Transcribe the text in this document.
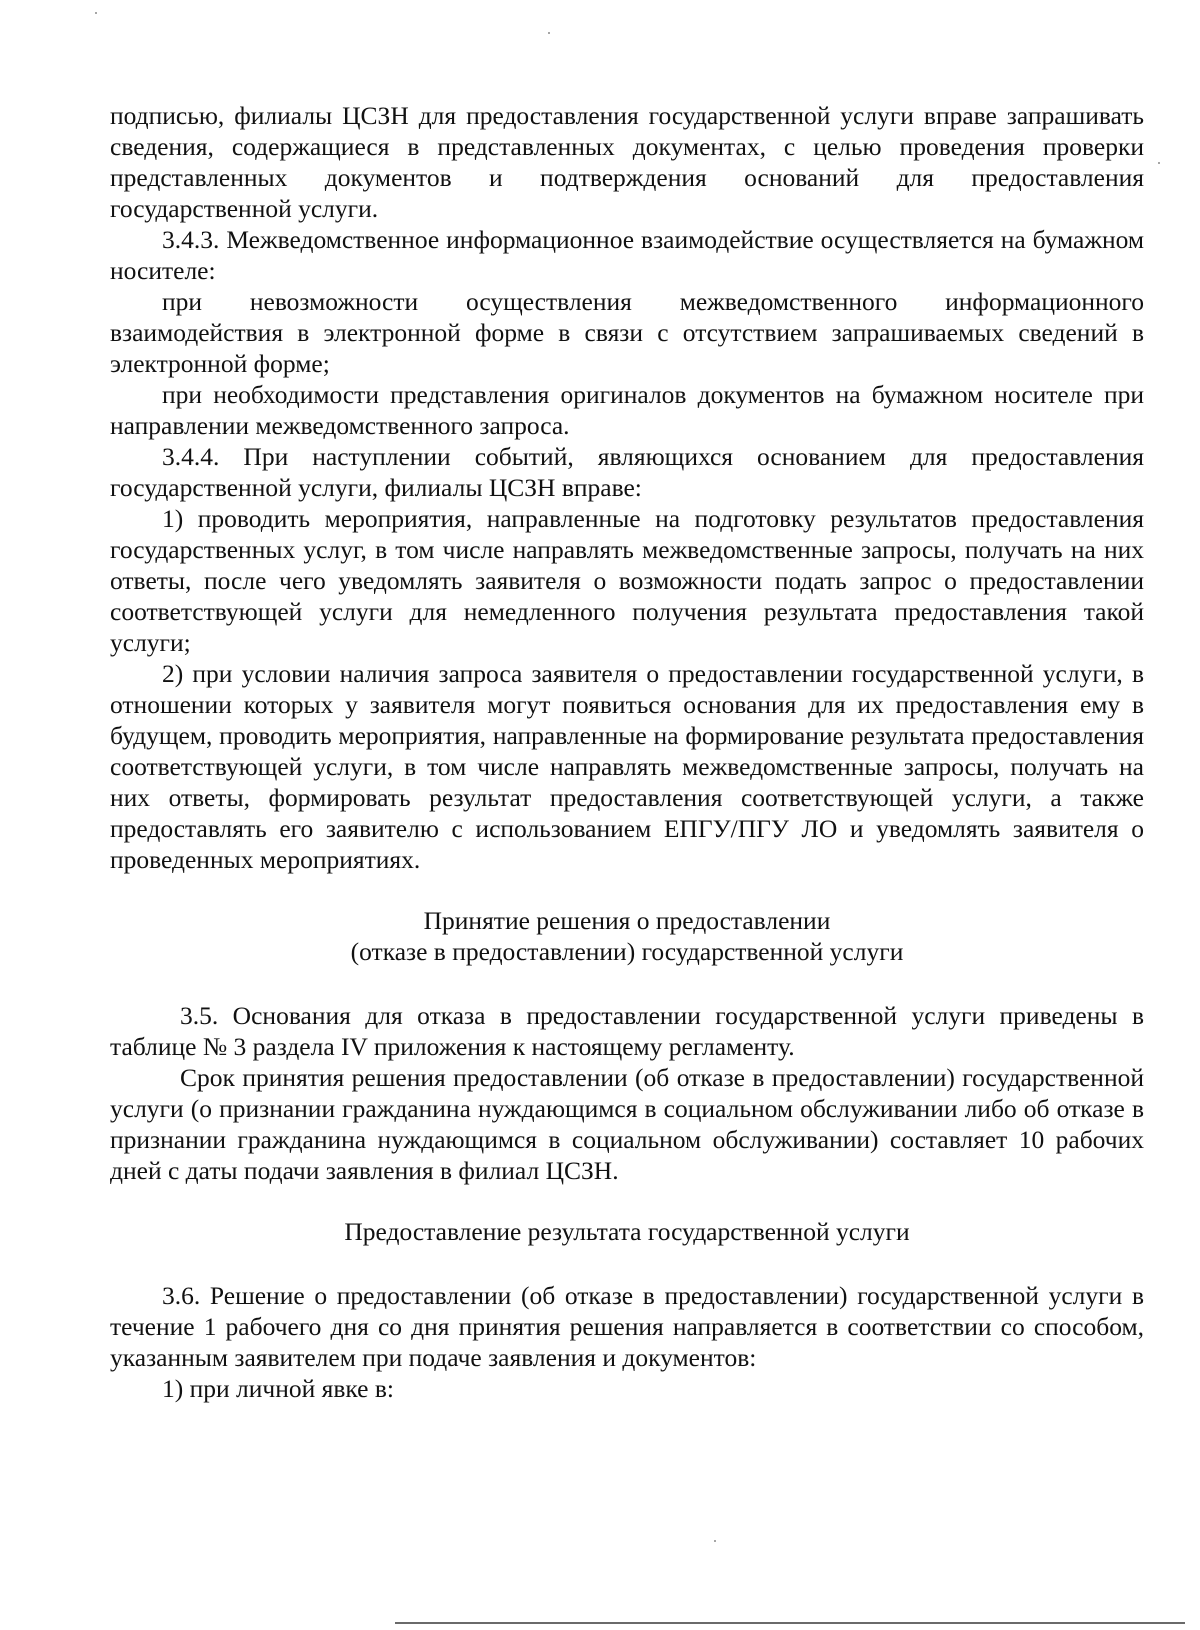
подписью, филиалы ЦСЗН для предоставления государственной услуги вправе запрашивать сведения, содержащиеся в представленных документах, с целью проведения проверки представленных документов и подтверждения оснований для предоставления государственной услуги.

3.4.3. Межведомственное информационное взаимодействие осуществляется на бумажном носителе:

при невозможности осуществления межведомственного информационного взаимодействия в электронной форме в связи с отсутствием запрашиваемых сведений в электронной форме;

при необходимости представления оригиналов документов на бумажном носителе при направлении межведомственного запроса.

3.4.4. При наступлении событий, являющихся основанием для предоставления государственной услуги, филиалы ЦСЗН вправе:

1) проводить мероприятия, направленные на подготовку результатов предоставления государственных услуг, в том числе направлять межведомственные запросы, получать на них ответы, после чего уведомлять заявителя о возможности подать запрос о предоставлении соответствующей услуги для немедленного получения результата предоставления такой услуги;

2) при условии наличия запроса заявителя о предоставлении государственной услуги, в отношении которых у заявителя могут появиться основания для их предоставления ему в будущем, проводить мероприятия, направленные на формирование результата предоставления соответствующей услуги, в том числе направлять межведомственные запросы, получать на них ответы, формировать результат предоставления соответствующей услуги, а также предоставлять его заявителю с использованием ЕПГУ/ПГУ ЛО и уведомлять заявителя о проведенных мероприятиях.

Принятие решения о предоставлении
(отказе в предоставлении) государственной услуги

3.5. Основания для отказа в предоставлении государственной услуги приведены в таблице № 3 раздела IV приложения к настоящему регламенту.

Срок принятия решения предоставлении (об отказе в предоставлении) государственной услуги (о признании гражданина нуждающимся в социальном обслуживании либо об отказе в признании гражданина нуждающимся в социальном обслуживании) составляет 10 рабочих дней с даты подачи заявления в филиал ЦСЗН.

Предоставление результата государственной услуги

3.6. Решение о предоставлении (об отказе в предоставлении) государственной услуги в течение 1 рабочего дня со дня принятия решения направляется в соответствии со способом, указанным заявителем при подаче заявления и документов:

1) при личной явке в:
